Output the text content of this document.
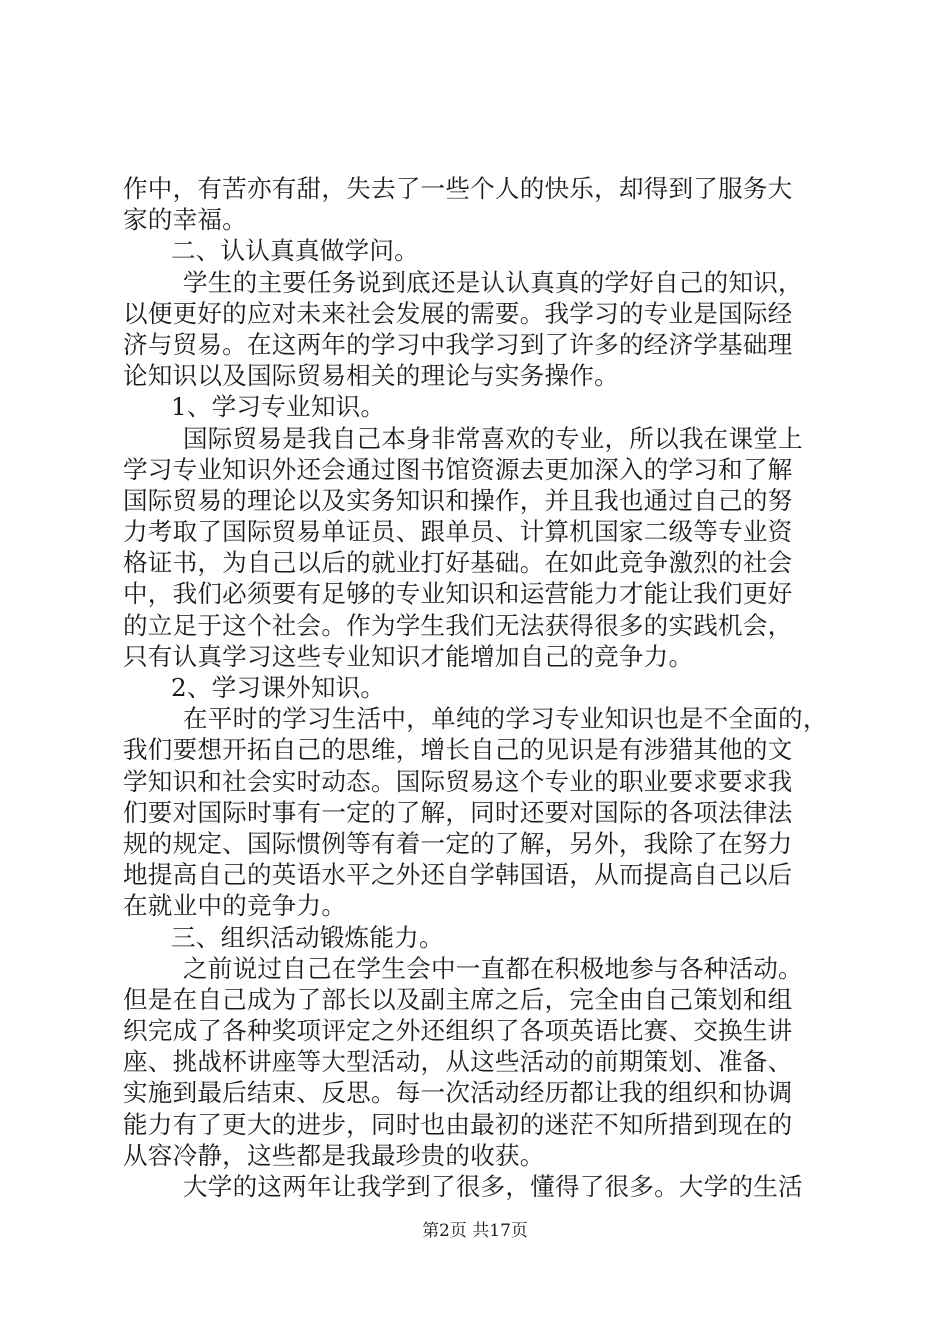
作中，有苦亦有甜，失去了一些个人的快乐，却得到了服务大
家的幸福。
二、认认真真做学问。
学生的主要任务说到底还是认认真真的学好自己的知识，
以便更好的应对未来社会发展的需要。我学习的专业是国际经
济与贸易。在这两年的学习中我学习到了许多的经济学基础理
论知识以及国际贸易相关的理论与实务操作。
1、学习专业知识。
国际贸易是我自己本身非常喜欢的专业，所以我在课堂上
学习专业知识外还会通过图书馆资源去更加深入的学习和了解
国际贸易的理论以及实务知识和操作，并且我也通过自己的努
力考取了国际贸易单证员、跟单员、计算机国家二级等专业资
格证书，为自己以后的就业打好基础。在如此竞争激烈的社会
中，我们必须要有足够的专业知识和运营能力才能让我们更好
的立足于这个社会。作为学生我们无法获得很多的实践机会，
只有认真学习这些专业知识才能增加自己的竞争力。
2、学习课外知识。
在平时的学习生活中，单纯的学习专业知识也是不全面的，
我们要想开拓自己的思维，增长自己的见识是有涉猎其他的文
学知识和社会实时动态。国际贸易这个专业的职业要求要求我
们要对国际时事有一定的了解，同时还要对国际的各项法律法
规的规定、国际惯例等有着一定的了解，另外，我除了在努力
地提高自己的英语水平之外还自学韩国语，从而提高自己以后
在就业中的竞争力。
三、组织活动锻炼能力。
之前说过自己在学生会中一直都在积极地参与各种活动。
但是在自己成为了部长以及副主席之后，完全由自己策划和组
织完成了各种奖项评定之外还组织了各项英语比赛、交换生讲
座、挑战杯讲座等大型活动，从这些活动的前期策划、准备、
实施到最后结束、反思。每一次活动经历都让我的组织和协调
能力有了更大的进步，同时也由最初的迷茫不知所措到现在的
从容冷静，这些都是我最珍贵的收获。
大学的这两年让我学到了很多，懂得了很多。大学的生活
第2页 共17页
